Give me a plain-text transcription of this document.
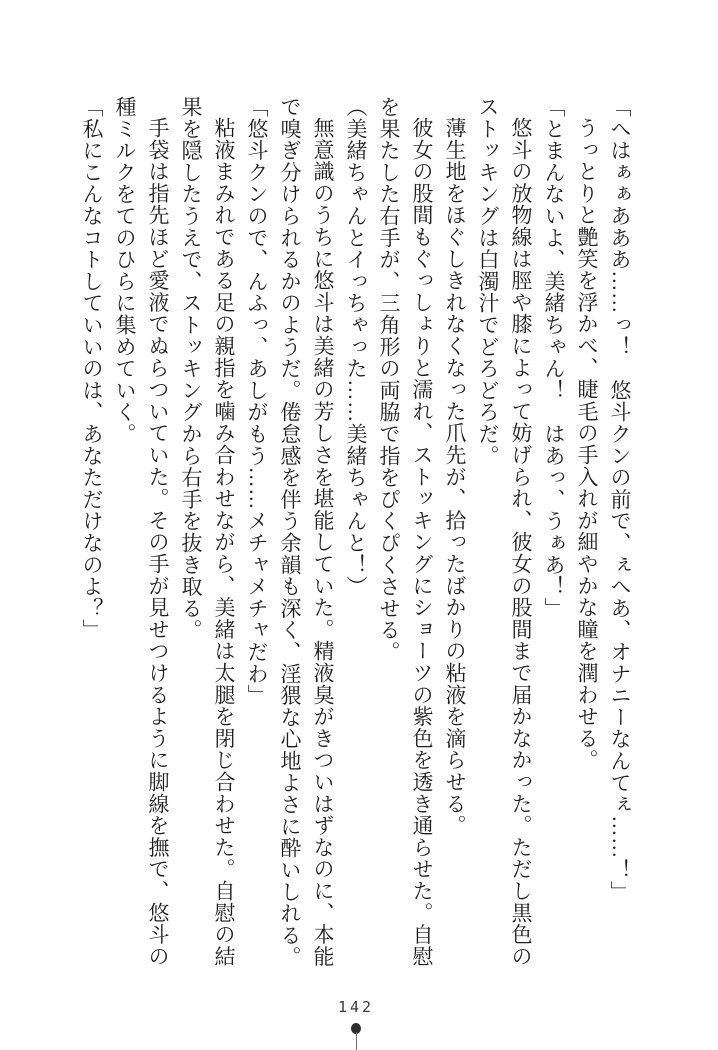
「へはぁぁあああ……っ！　悠斗クンの前で、ぇへあ、オナニーなんてぇ……！」

うっとりと艶笑を浮かべ、睫毛の手入れが細やかな瞳を潤わせる。

「とまんないよ、美緒ちゃん！　はあっ、うぁあ！」

悠斗の放物線は脛や膝によって妨げられ、彼女の股間まで届かなかった。ただし黒色のストッキングは白濁汁でどろどろだ。

薄生地をほぐしきれなくなった爪先が、拾ったばかりの粘液を滴らせる。

彼女の股間もぐっしょりと濡れ、ストッキングにショーツの紫色を透き通らせた。自慰を果たした右手が、三角形の両脇で指をぴくぴくさせる。

（美緒ちゃんとイっちゃった……美緒ちゃんと！）

無意識のうちに悠斗は美緒の芳しさを堪能していた。精液臭がきついはずなのに、本能で嗅ぎ分けられるかのようだ。倦怠感を伴う余韻も深く、淫猥な心地よさに酔いしれる。

「悠斗クンので、んふっ、あしがもう……メチャメチャだわ」

粘液まみれである足の親指を噛み合わせながら、美緒は太腿を閉じ合わせた。自慰の結果を隠したうえで、ストッキングから右手を抜き取る。

手袋は指先ほど愛液でぬらついていた。その手が見せつけるように脚線を撫で、悠斗の種ミルクをてのひらに集めていく。

「私にこんなコトしていいのは、あなただけなのよ？」

142
